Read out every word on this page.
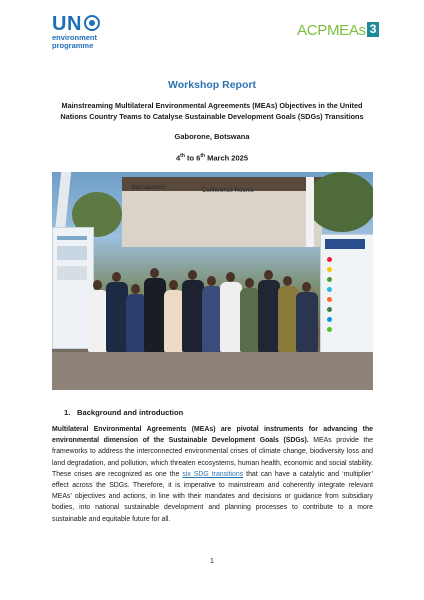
UN
environment
programme
ACPMEAs 3
Workshop Report
Mainstreaming Multilateral Environmental Agreements (MEAs) Objectives in the United Nations Country Teams to Catalyse Sustainable Development Goals (SDGs) Transitions
Gaborone, Botswana
4th to 6th March 2025
Mainakanelo	Conference Rooms
1. Background and introduction
Multilateral Environmental Agreements (MEAs) are pivotal instruments for advancing the environmental dimension of the Sustainable Development Goals (SDGs). MEAs provide the frameworks to address the interconnected environmental crises of climate change, biodiversity loss and land degradation, and pollution, which threaten ecosystems, human health, economic and social stability. These crises are recognized as one the six SDG transitions that can have a catalytic and ‘multiplier’ effect across the SDGs. Therefore, it is imperative to mainstream and coherently integrate relevant MEAs’ objectives and actions, in line with their mandates and decisions or guidance from subsidiary bodies, into national sustainable development and planning processes to contribute to a more sustainable and equitable future for all.
1
